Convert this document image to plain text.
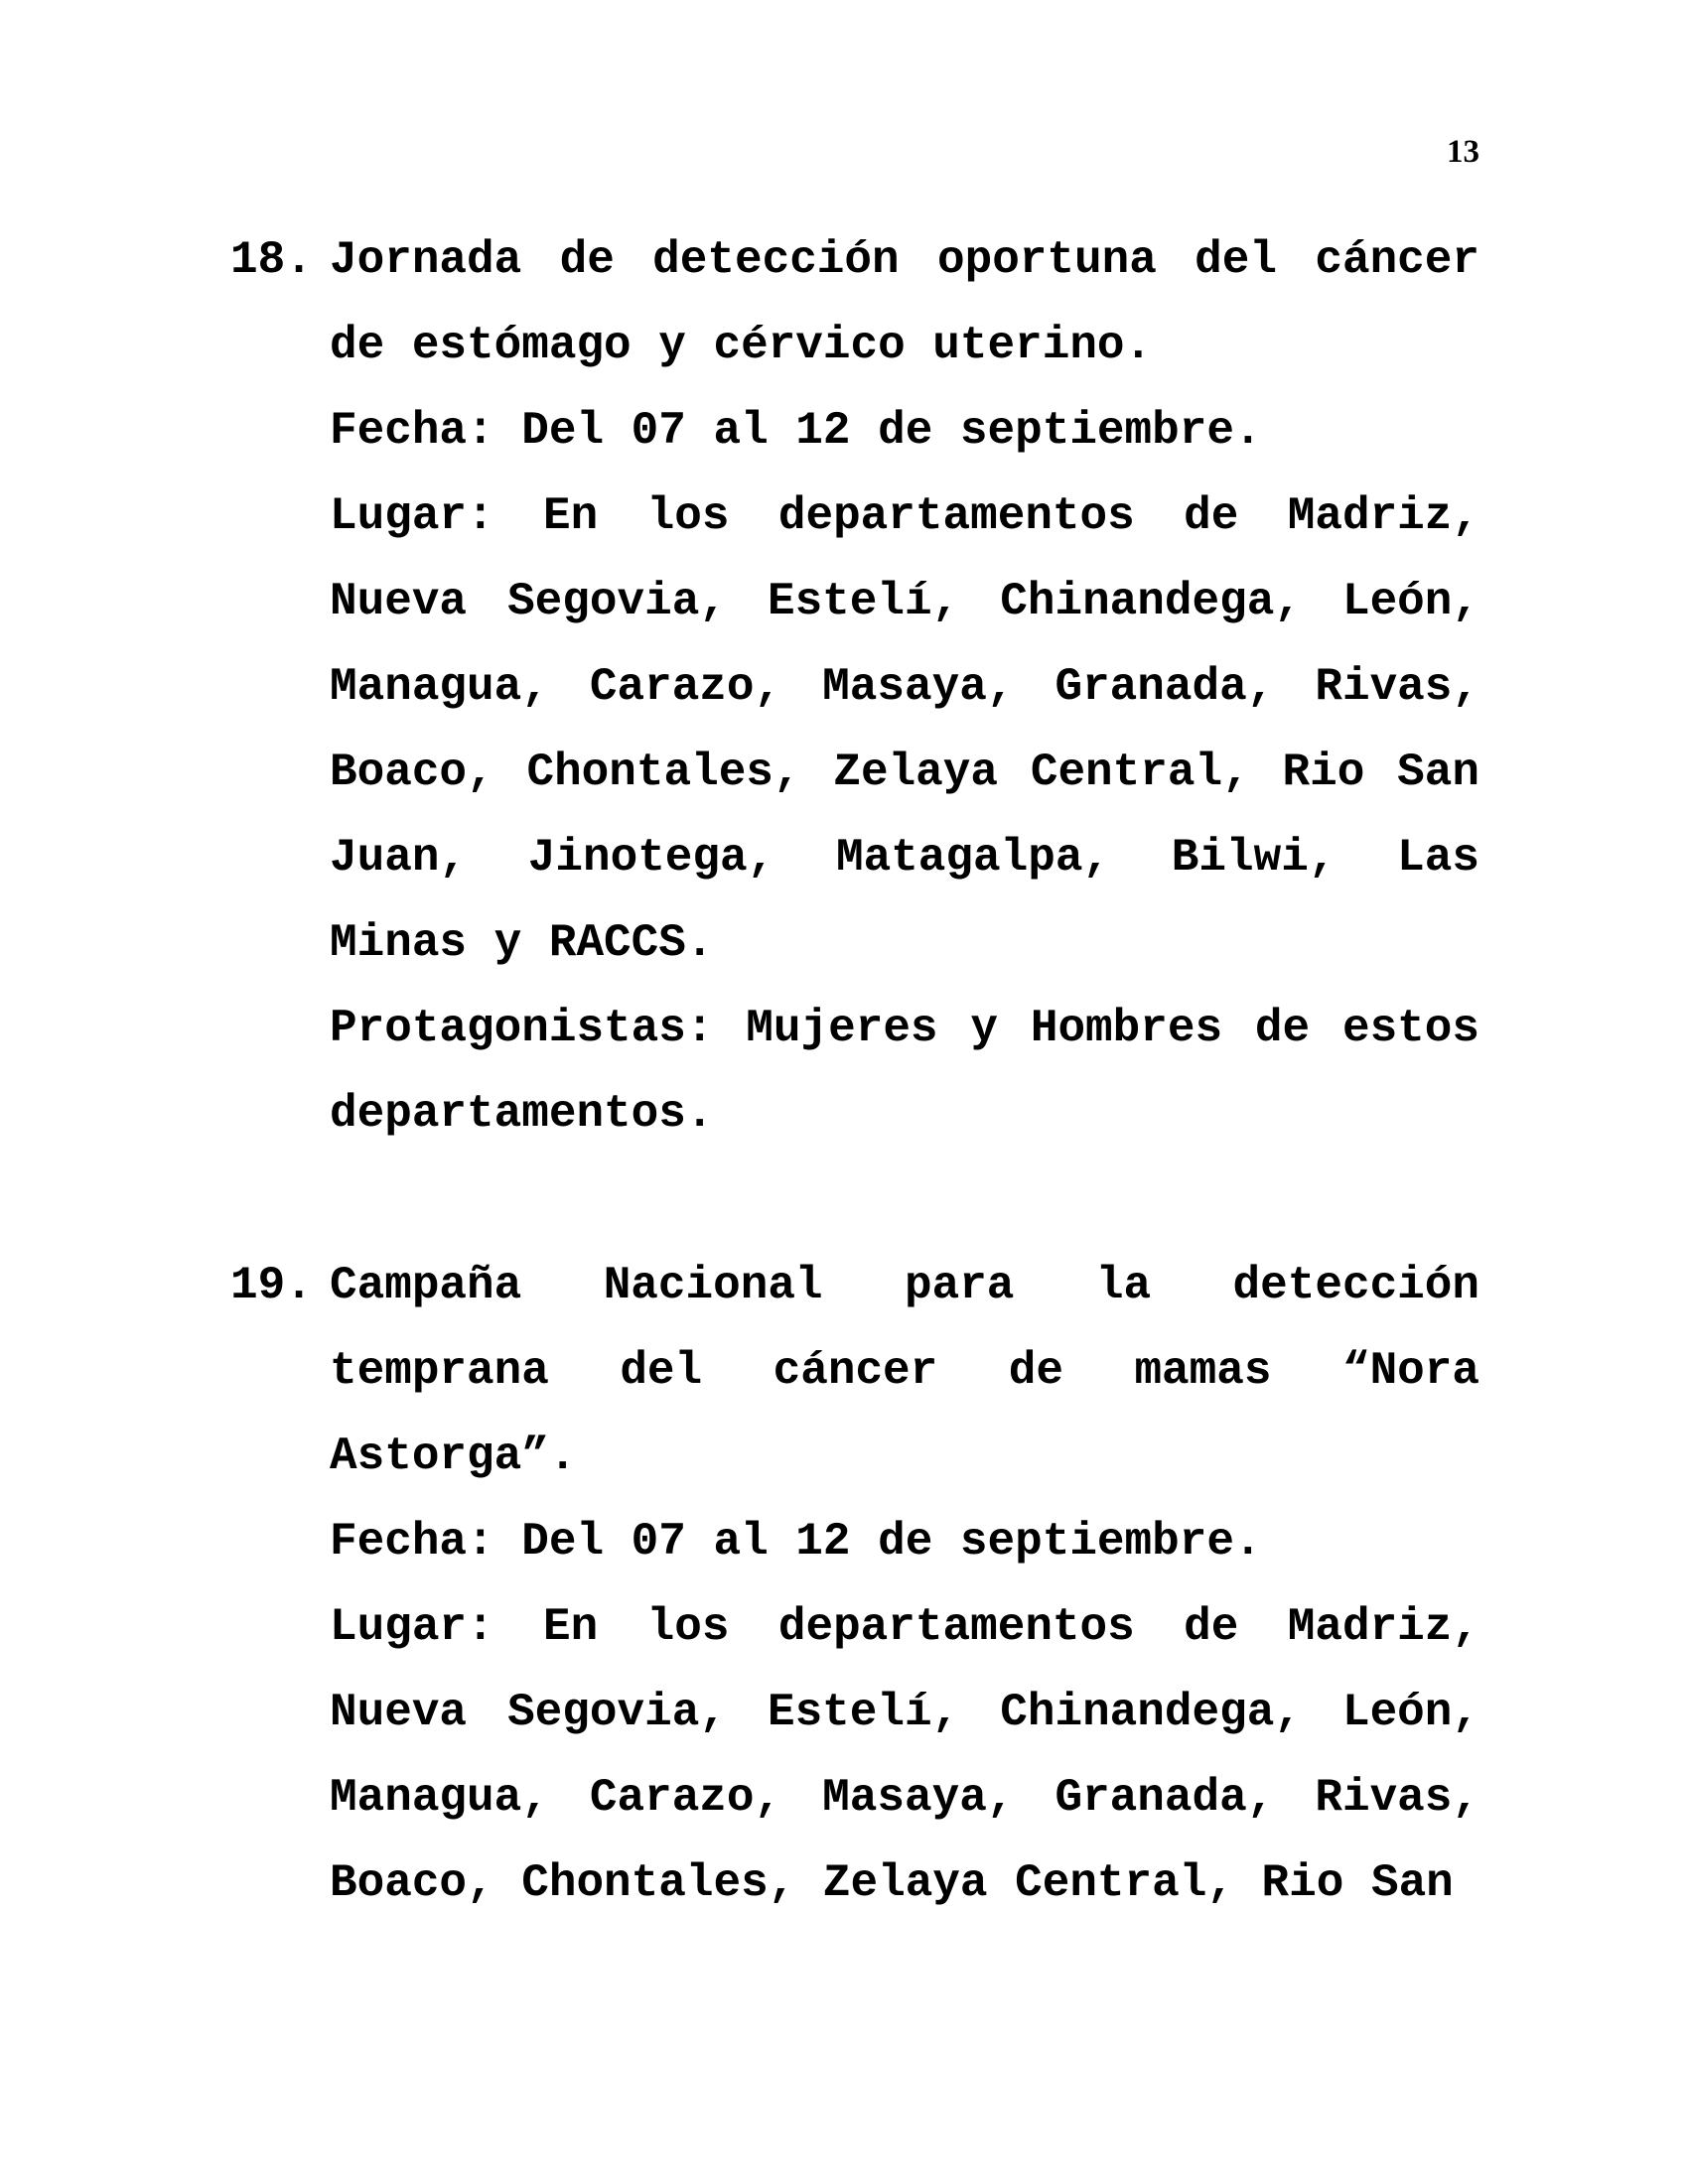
13

18. Jornada de detección oportuna del cáncer de estómago y cérvico uterino.

Fecha: Del 07 al 12 de septiembre.

Lugar: En los departamentos de Madriz, Nueva Segovia, Estelí, Chinandega, León, Managua, Carazo, Masaya, Granada, Rivas, Boaco, Chontales, Zelaya Central, Rio San Juan, Jinotega, Matagalpa, Bilwi, Las Minas y RACCS.

Protagonistas: Mujeres y Hombres de estos departamentos.

19. Campaña Nacional para la detección temprana del cáncer de mamas “Nora Astorga”.

Fecha: Del 07 al 12 de septiembre.

Lugar: En los departamentos de Madriz, Nueva Segovia, Estelí, Chinandega, León, Managua, Carazo, Masaya, Granada, Rivas, Boaco, Chontales, Zelaya Central, Rio San
